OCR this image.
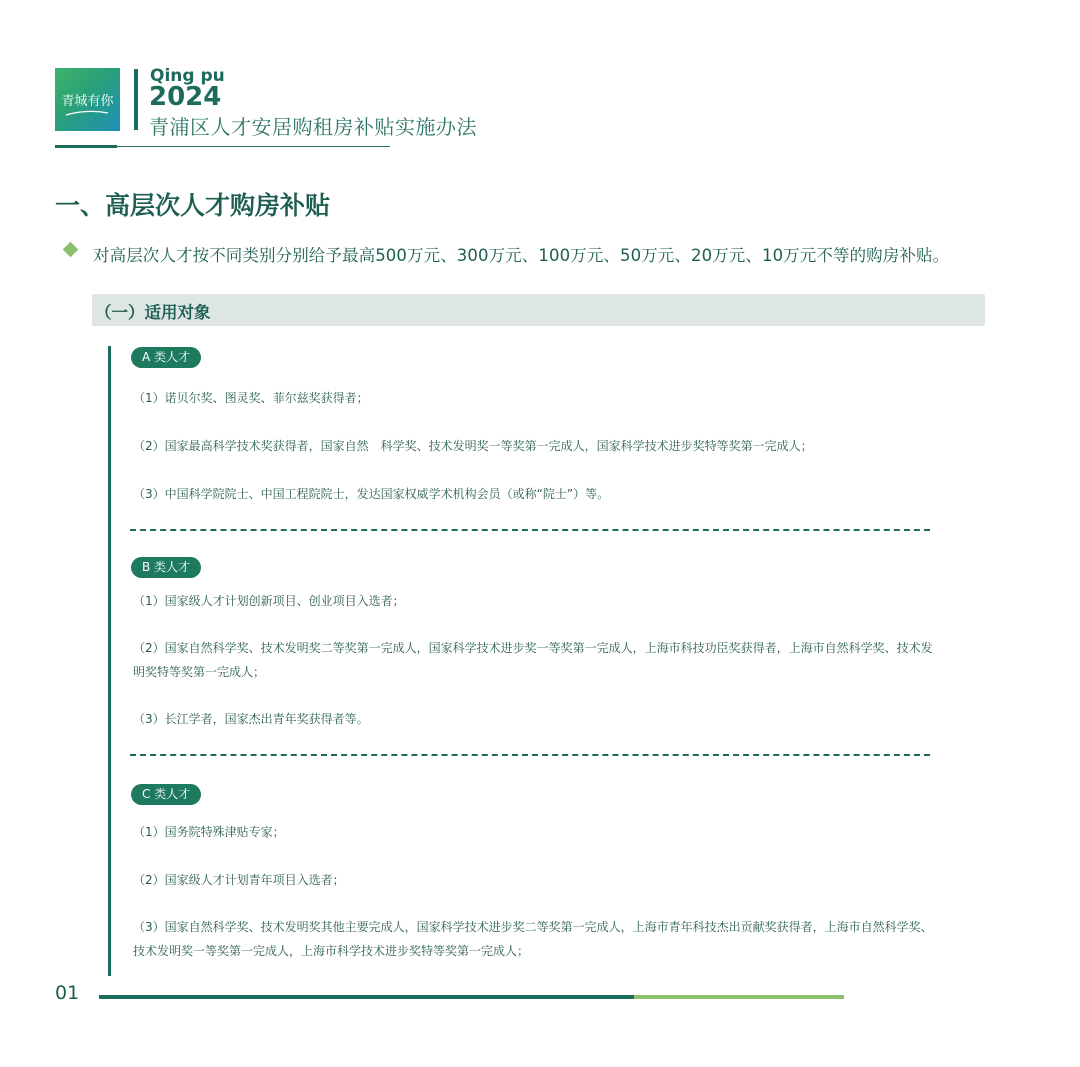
青城有你
Qing pu
2024
青浦区人才安居购租房补贴实施办法
一、高层次人才购房补贴
对高层次人才按不同类别分别给予最高500万元、300万元、100万元、50万元、20万元、10万元不等的购房补贴。
（一）适用对象
A 类人才
（1）诺贝尔奖、图灵奖、菲尔兹奖获得者；
（2）国家最高科学技术奖获得者，国家自然　科学奖、技术发明奖一等奖第一完成人，国家科学技术进步奖特等奖第一完成人；
（3）中国科学院院士、中国工程院院士，发达国家权威学术机构会员（或称“院士”）等。
B 类人才
（1）国家级人才计划创新项目、创业项目入选者；
（2）国家自然科学奖、技术发明奖二等奖第一完成人，国家科学技术进步奖一等奖第一完成人，上海市科技功臣奖获得者，上海市自然科学奖、技术发明奖特等奖第一完成人；
（3）长江学者，国家杰出青年奖获得者等。
C 类人才
（1）国务院特殊津贴专家；
（2）国家级人才计划青年项目入选者；
（3）国家自然科学奖、技术发明奖其他主要完成人，国家科学技术进步奖二等奖第一完成人，上海市青年科技杰出贡献奖获得者，上海市自然科学奖、技术发明奖一等奖第一完成人，上海市科学技术进步奖特等奖第一完成人；
01
